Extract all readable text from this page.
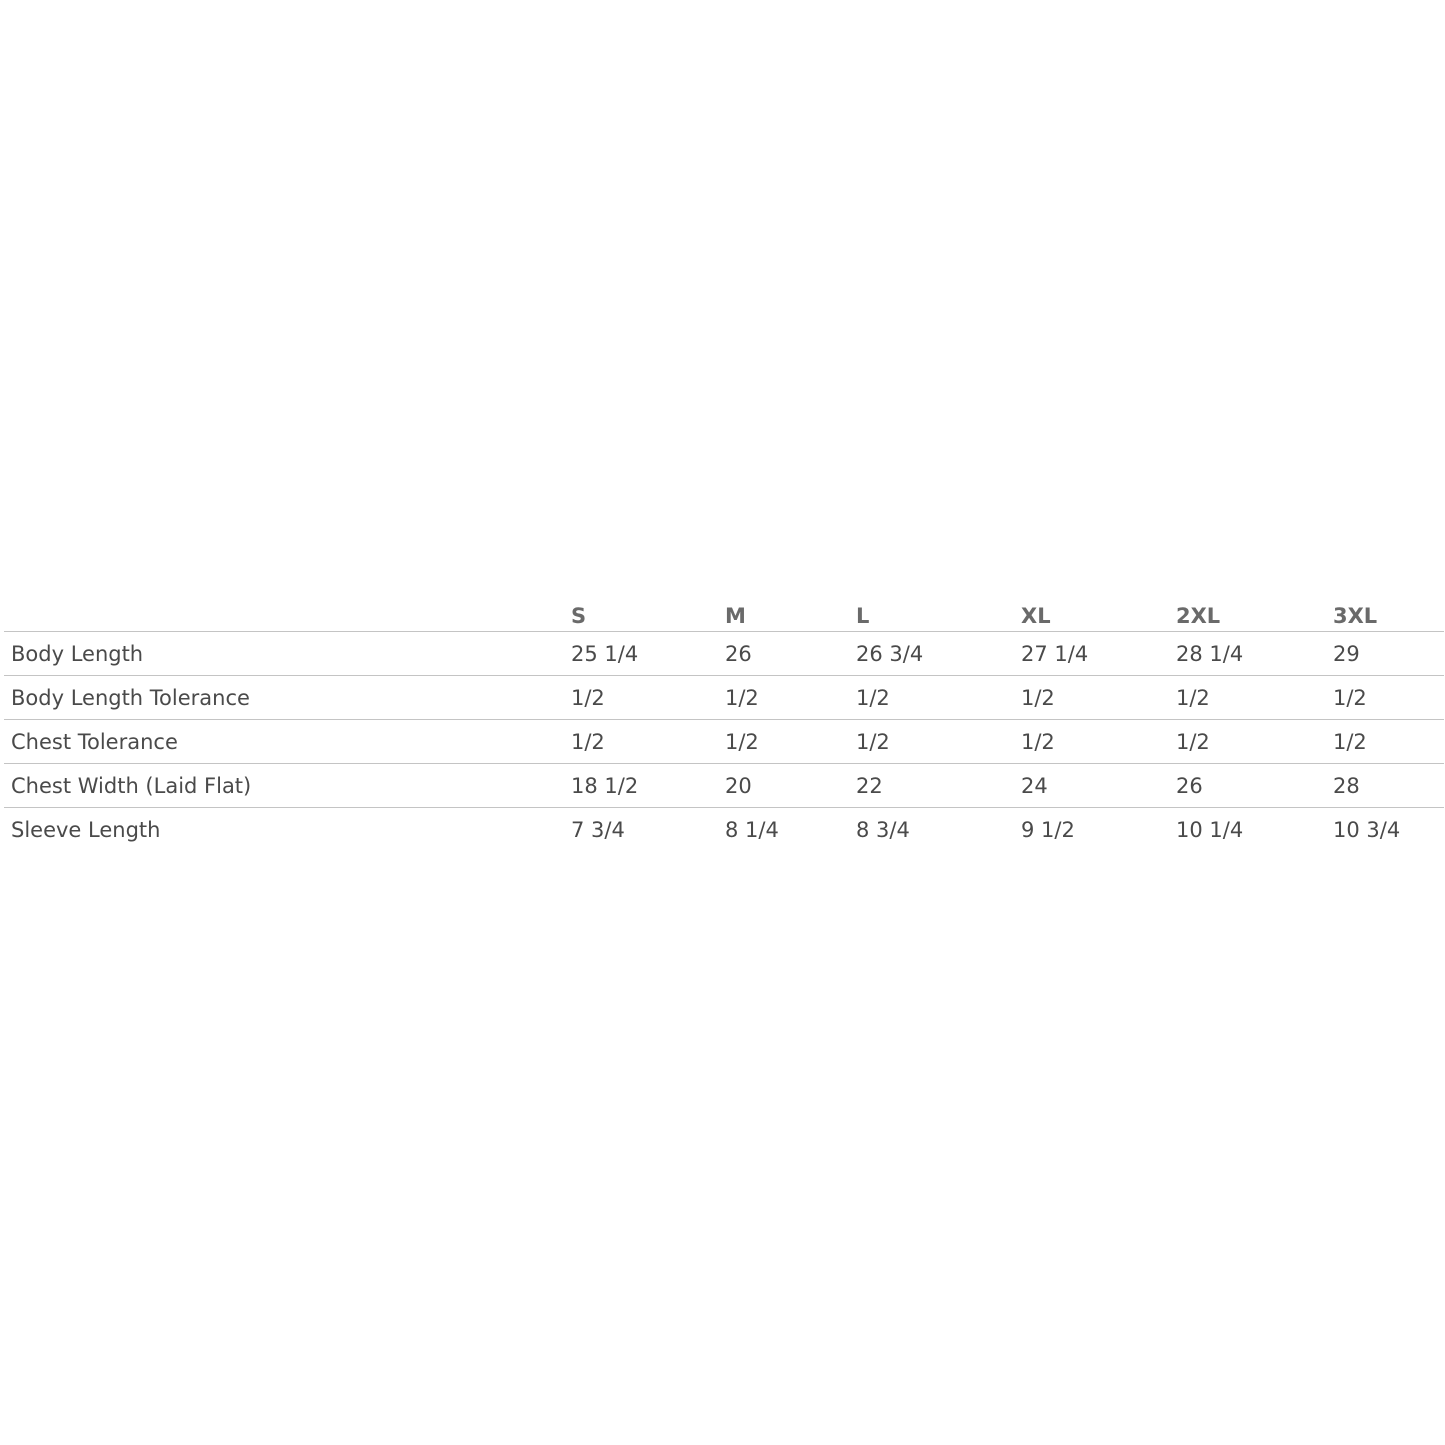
	S	M	L	XL	2XL	3XL
Body Length	25 1/4	26	26 3/4	27 1/4	28 1/4	29
Body Length Tolerance	1/2	1/2	1/2	1/2	1/2	1/2
Chest Tolerance	1/2	1/2	1/2	1/2	1/2	1/2
Chest Width (Laid Flat)	18 1/2	20	22	24	26	28
Sleeve Length	7 3/4	8 1/4	8 3/4	9 1/2	10 1/4	10 3/4
